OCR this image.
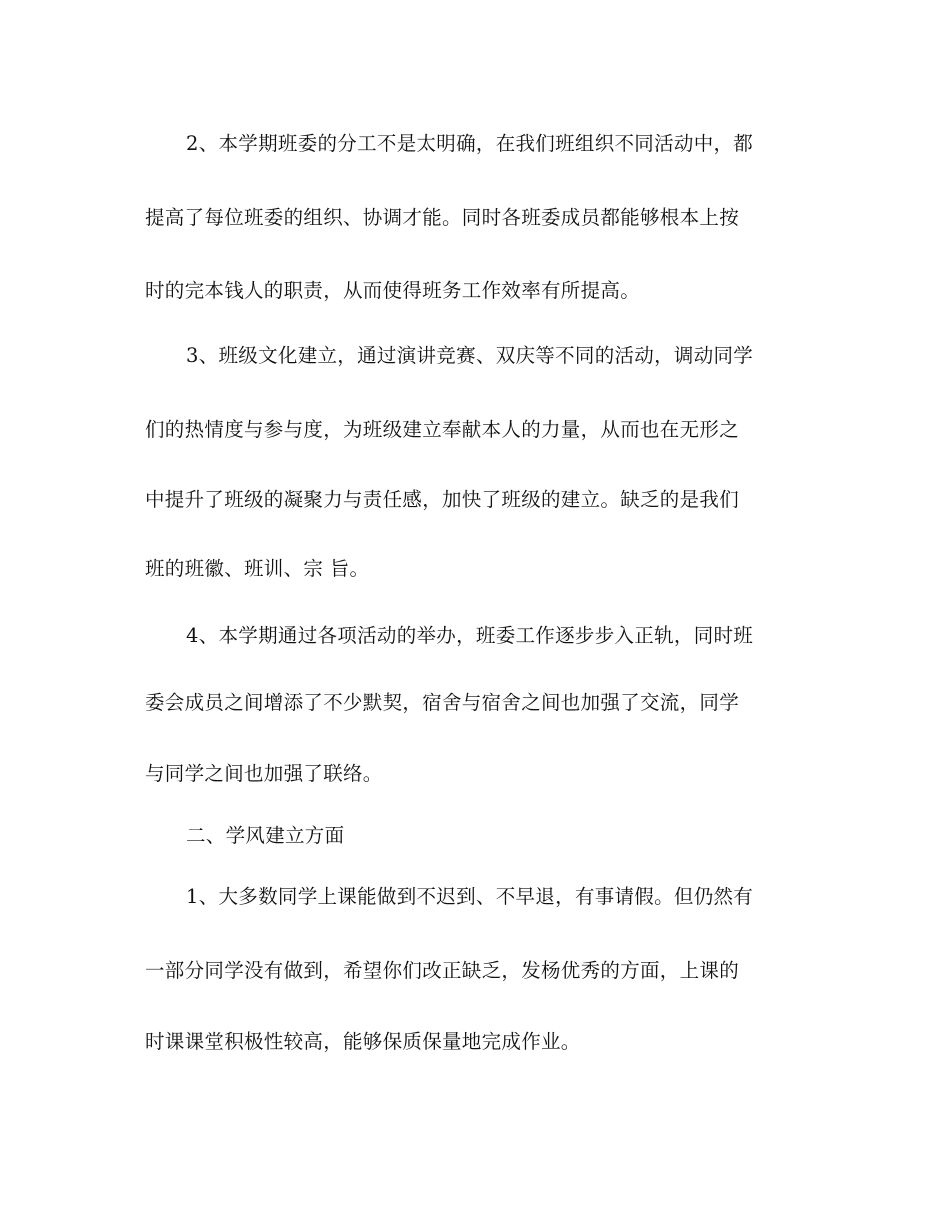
2、本学期班委的分工不是太明确，在我们班组织不同活动中，都
提高了每位班委的组织、协调才能。同时各班委成员都能够根本上按
时的完本钱人的职责，从而使得班务工作效率有所提高。
3、班级文化建立，通过演讲竞赛、双庆等不同的活动，调动同学
们的热情度与参与度，为班级建立奉献本人的力量，从而也在无形之
中提升了班级的凝聚力与责任感，加快了班级的建立。缺乏的是我们
班的班徽、班训、宗 旨。
4、本学期通过各项活动的举办，班委工作逐步步入正轨，同时班
委会成员之间增添了不少默契，宿舍与宿舍之间也加强了交流，同学
与同学之间也加强了联络。
二、学风建立方面
1、大多数同学上课能做到不迟到、不早退，有事请假。但仍然有
一部分同学没有做到，希望你们改正缺乏，发杨优秀的方面，上课的
时课课堂积极性较高，能够保质保量地完成作业。
